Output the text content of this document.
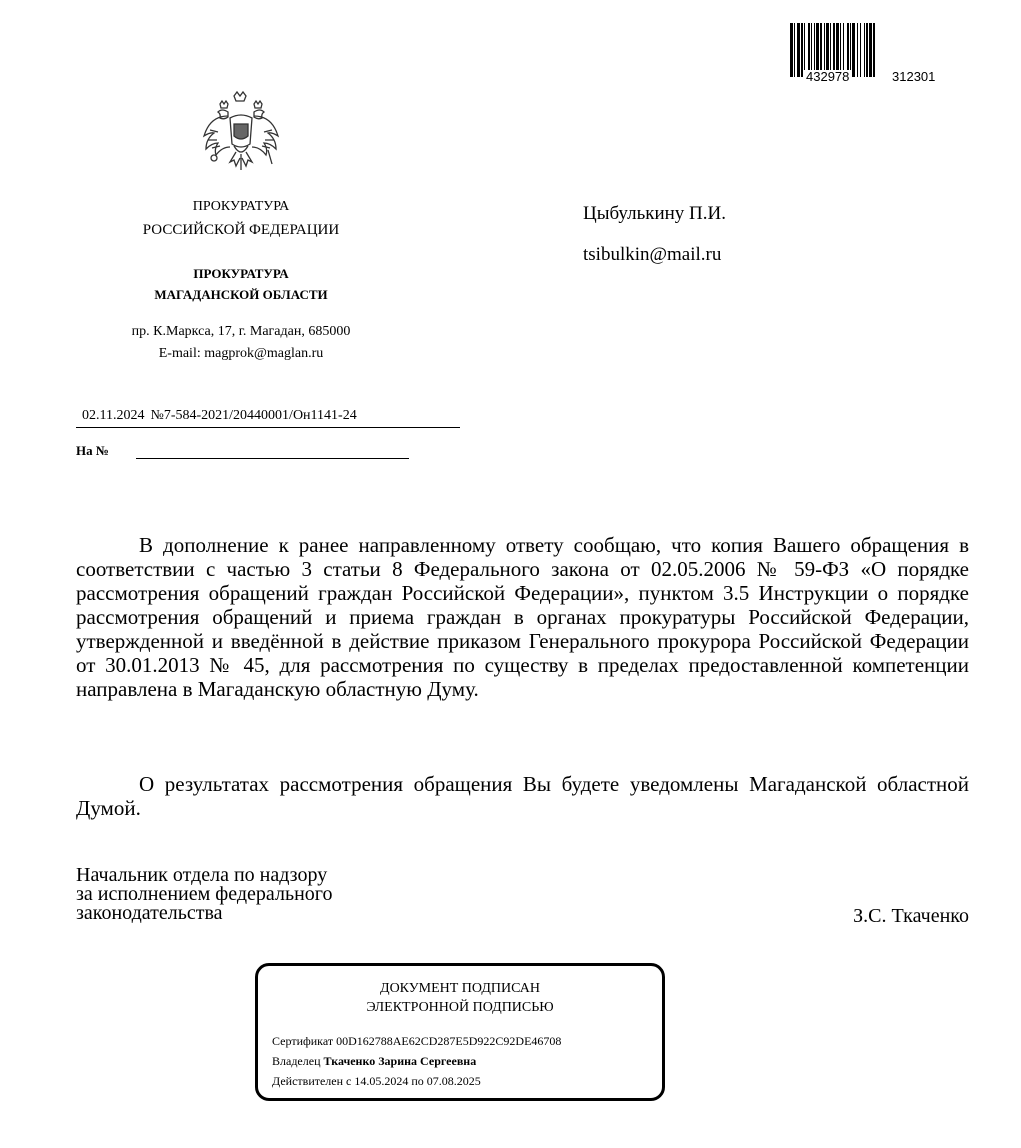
432978	312301
ПРОКУРАТУРА
РОССИЙСКОЙ ФЕДЕРАЦИИ
ПРОКУРАТУРА
МАГАДАНСКОЙ ОБЛАСТИ
пр. К.Маркса, 17, г. Магадан, 685000
E-mail: magprok@maglan.ru
Цыбулькину П.И.
tsibulkin@mail.ru
02.11.2024 №7-584-2021/20440001/Он1141-24
На №

В дополнение к ранее направленному ответу сообщаю, что копия Вашего обращения в соответствии с частью 3 статьи 8 Федерального закона от 02.05.2006 № 59-ФЗ «О порядке рассмотрения обращений граждан Российской Федерации», пунктом 3.5 Инструкции о порядке рассмотрения обращений и приема граждан в органах прокуратуры Российской Федерации, утвержденной и введённой в действие приказом Генерального прокурора Российской Федерации от 30.01.2013 № 45, для рассмотрения по существу в пределах предоставленной компетенции направлена в Магаданскую областную Думу.

О результатах рассмотрения обращения Вы будете уведомлены Магаданской областной Думой.

Начальник отдела по надзору
за исполнением федерального
законодательства	З.С. Ткаченко
ДОКУМЕНТ ПОДПИСАН
ЭЛЕКТРОННОЙ ПОДПИСЬЮ
Сертификат 00D162788AE62CD287E5D922C92DE46708
Владелец Ткаченко Зарина Сергеевна
Действителен с 14.05.2024 по 07.08.2025
